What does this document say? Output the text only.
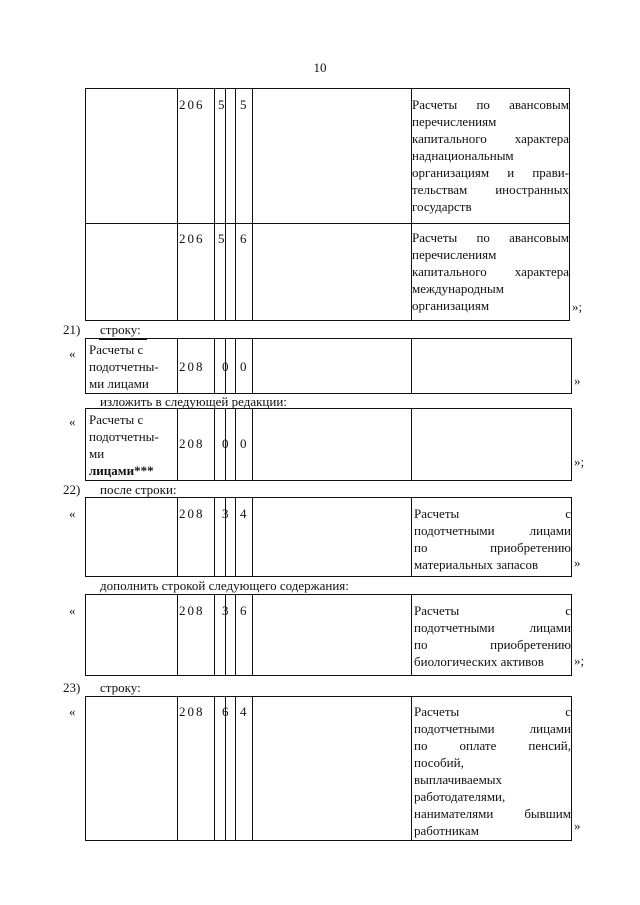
10
206 5 5	Расчеты по авансовым
перечислениям
капитального характера
наднациональным
организациям и прави-
тельствам иностранных
государств
206 5 6	Расчеты по авансовым
перечислениям
капитального характера
международным
организациям	»;
21) строку:
« Расчеты с
подотчетны-
ми лицами
208 0 0
»
изложить в следующей редакции:
« Расчеты с
подотчетны-
ми
лицами***
208 0 0
»;
22) после строки:
«	208 3 4	Расчеты с
подотчетными лицами
по приобретению
материальных запасов	»
дополнить строкой следующего содержания:
«	208 3 6	Расчеты с
подотчетными лицами
по приобретению
биологических активов	»;
23) строку:
«	208 6 4	Расчеты с
подотчетными лицами
по оплате пенсий,
пособий,
выплачиваемых
работодателями,
нанимателями бывшим
работникам	»
